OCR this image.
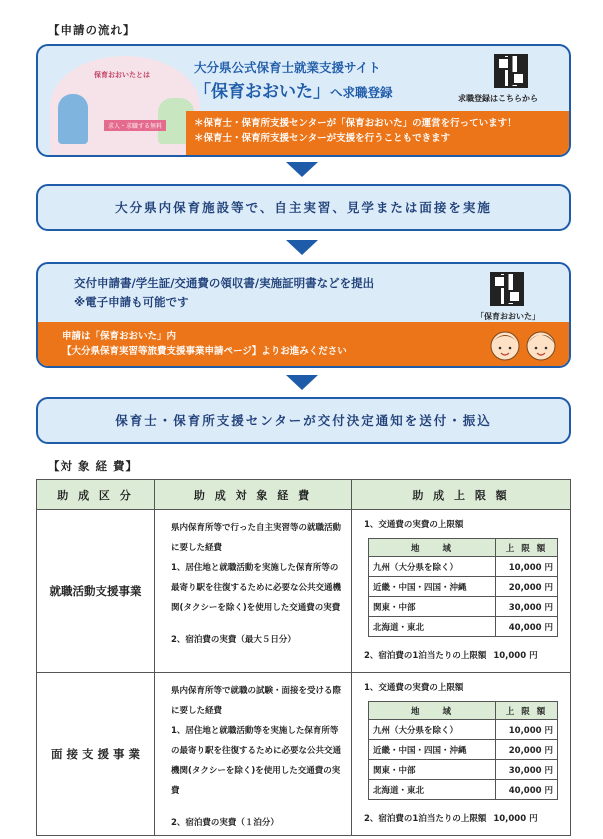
【申請の流れ】
保育おおいたとは
求人・求職する無料
大分県公式保育士就業支援サイト
「保育おおいた」へ求職登録	求職登録はこちらから
＊保育士・保育所支援センターが「保育おおいた」の運営を行っています！
＊保育士・保育所支援センターが支援を行うこともできます
大分県内保育施設等で、自主実習、見学または面接を実施
交付申請書/学生証/交通費の領収書/実施証明書などを提出
※電子申請も可能です
「保育おおいた」
申請は「保育おおいた」内
【大分県保育実習等旅費支援事業申請ページ】よりお進みください
保育士・保育所支援センターが交付決定通知を送付・振込
【対 象 経 費】
助 成 区 分	助 成 対 象 経 費	助 成 上 限 額
就職活動支援事業	
県内保育所等で行った自主実習等の就職活動に要した経費
1、居住地と就職活動を実施した保育所等の最寄り駅を往復するために必要な公共交通機関(タクシーを除く)を使用した交通費の実費
2、宿泊費の実費（最大５日分）

1、交通費の実費の上限額
地　　域	上 限 額
九州（大分県を除く）	10,000 円
近畿・中国・四国・沖縄	20,000 円
関東・中部	30,000 円
北海道・東北	40,000 円
2、宿泊費の1泊当たりの上限額 10,000 円

面 接 支 援 事 業	
県内保育所等で就職の試験・面接を受ける際に要した経費
1、居住地と就職活動等を実施した保育所等の最寄り駅を往復するために必要な公共交通機関(タクシーを除く)を使用した交通費の実費
2、宿泊費の実費（１泊分）

1、交通費の実費の上限額
地　　域	上 限 額
九州（大分県を除く）	10,000 円
近畿・中国・四国・沖縄	20,000 円
関東・中部	30,000 円
北海道・東北	40,000 円
2、宿泊費の1泊当たりの上限額 10,000 円
